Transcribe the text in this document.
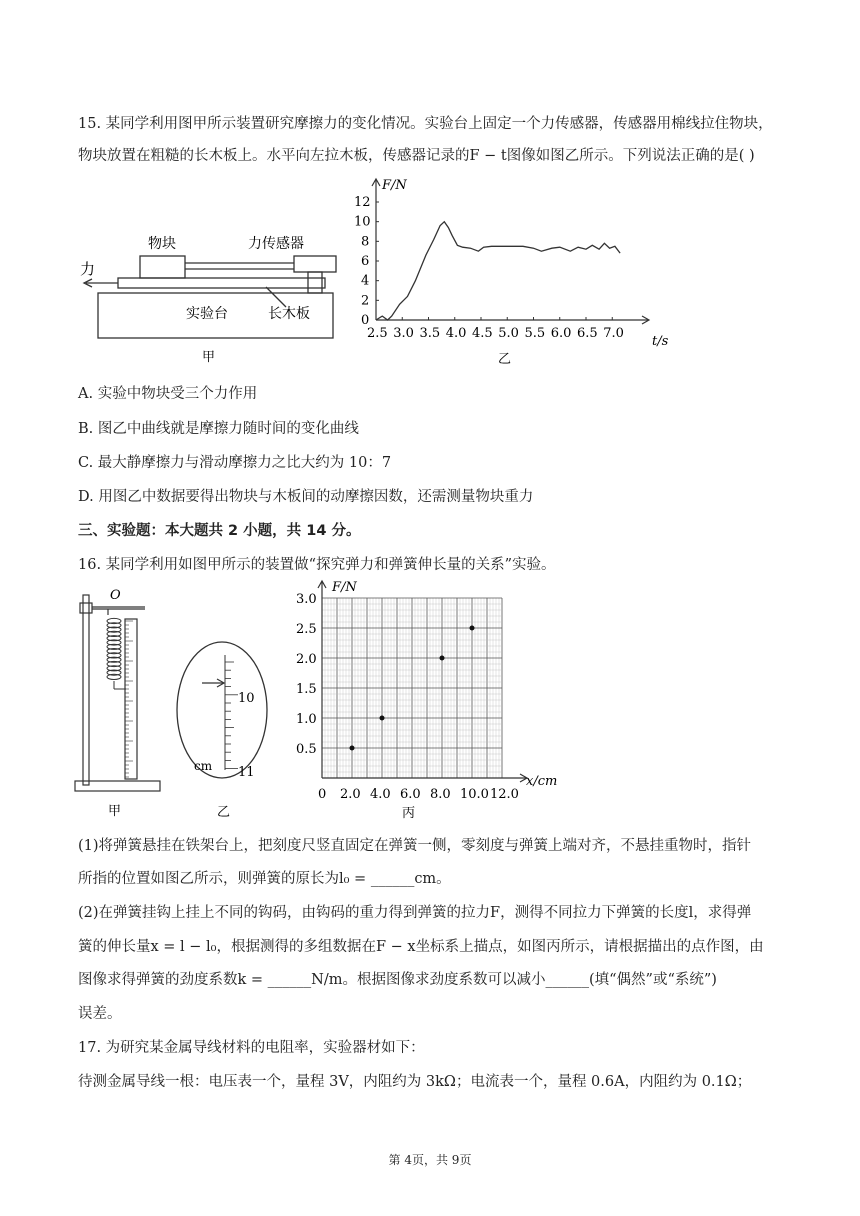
15. 某同学利用图甲所示装置研究摩擦力的变化情况。实验台上固定一个力传感器，传感器用棉线拉住物块，
物块放置在粗糙的长木板上。水平向左拉木板，传感器记录的F − t图像如图乙所示。下列说法正确的是( )
物块	力传感器
力
实验台	长木板
甲
2.5 3.0 3.5 4.0 4.5 5.0 5.5 6.0 6.5 7.0
0
2
4
6
8
10
12
F/N
t/s
乙
A. 实验中物块受三个力作用
B. 图乙中曲线就是摩擦力随时间的变化曲线
C. 最大静摩擦力与滑动摩擦力之比大约为 10：7
D. 用图乙中数据要得出物块与木板间的动摩擦因数，还需测量物块重力
三、实验题：本大题共 2 小题，共 14 分。
16. 某同学利用如图甲所示的装置做“探究弹力和弹簧伸长量的关系”实验。
O
甲
10
11
cm
乙
0 2.0 4.0 6.0 8.0 10.0 12.0
0.5
1.0
1.5
2.0
2.5
3.0
F/N
x/cm
丙
(1)将弹簧悬挂在铁架台上，把刻度尺竖直固定在弹簧一侧，零刻度与弹簧上端对齐，不悬挂重物时，指针
所指的位置如图乙所示，则弹簧的原长为l₀ = ______cm。
(2)在弹簧挂钩上挂上不同的钩码，由钩码的重力得到弹簧的拉力F，测得不同拉力下弹簧的长度l，求得弹
簧的伸长量x = l − l₀，根据测得的多组数据在F − x坐标系上描点，如图丙所示，请根据描出的点作图，由
图像求得弹簧的劲度系数k = ______N/m。根据图像求劲度系数可以减小______(填“偶然”或“系统”)
误差。
17. 为研究某金属导线材料的电阻率，实验器材如下：
待测金属导线一根：电压表一个，量程 3V，内阻约为 3kΩ；电流表一个，量程 0.6A，内阻约为 0.1Ω；
第 4页，共 9页
